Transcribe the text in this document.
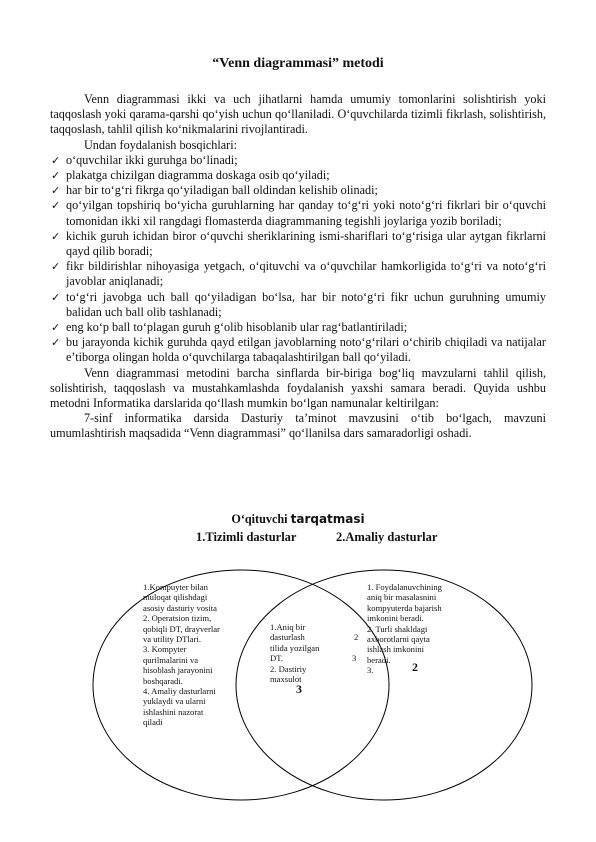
“Venn diagrammasi” metodi

Venn diagrammasi ikki va uch jihatlarni hamda umumiy tomonlarini solishtirish yoki taqqoslash yoki qarama-qarshi qo‘yish uchun qo‘llaniladi. O‘quvchilarda tizimli fikrlash, solishtirish, taqqoslash, tahlil qilish ko‘nikmalarini rivojlantiradi.

Undan foydalanish bosqichlari:

✓ o‘quvchilar ikki guruhga bo‘linadi;
✓ plakatga chizilgan diagramma doskaga osib qo‘yiladi;
✓ har bir to‘g‘ri fikrga qo‘yiladigan ball oldindan kelishib olinadi;
✓ qo‘yilgan topshiriq bo‘yicha guruhlarning har qanday to‘g‘ri yoki noto‘g‘ri fikrlari bir o‘quvchi tomonidan ikki xil rangdagi flomasterda diagrammaning tegishli joylariga yozib boriladi;
✓ kichik guruh ichidan biror o‘quvchi sheriklarining ismi-shariflari to‘g‘risiga ular aytgan fikrlarni qayd qilib boradi;
✓ fikr bildirishlar nihoyasiga yetgach, o‘qituvchi va o‘quvchilar hamkorligida to‘g‘ri va noto‘g‘ri javoblar aniqlanadi;
✓ to‘g‘ri javobga uch ball qo‘yiladigan bo‘lsa, har bir noto‘g‘ri fikr uchun guruhning umumiy balidan uch ball olib tashlanadi;
✓ eng ko‘p ball to‘plagan guruh g‘olib hisoblanib ular rag‘batlantiriladi;
✓ bu jarayonda kichik guruhda qayd etilgan javoblarning noto‘g‘rilari o‘chirib chiqiladi va natijalar e’tiborga olingan holda o‘quvchilarga tabaqalashtirilgan ball qo‘yiladi.

Venn diagrammasi metodini barcha sinflarda bir-biriga bog‘liq mavzularni tahlil qilish, solishtirish, taqqoslash va mustahkamlashda foydalanish yaxshi samara beradi. Quyida ushbu metodni Informatika darslarida qo‘llash mumkin bo‘lgan namunalar keltirilgan:

7-sinf informatika darsida Dasturiy ta’minot mavzusini o‘tib bo‘lgach, mavzuni umumlashtirish maqsadida “Venn diagrammasi” qo‘llanilsa dars samaradorligi oshadi.

O‘qituvchi tarqatmasi
1.Tizimli dasturlar	2.Amaliy dasturlar
1.Kompuyter bilan
muloqat qilishdagi
asosiy dasturiy vosita
2. Operatsion tizim,
qobiqli DT, drayverlar
va utility DTlari.
3. Kompyter
qurilmalarini va
hisoblash jarayonini
boshqaradi.
4. Amaliy dasturlarni
yuklaydi va ularni
ishlashini nazorat
qiladi
1.Aniq bir
dasturlash
tilida yozilgan
DT.
2. Dastiriy
maxsulot
3
2
3
1. Foydalanuvchining
aniq bir masalasnini
kompyuterda bajarish
imkonini beradi.
2. Turli shakldagi
axborotlarni qayta
ishlash imkonini
beradi.
3.	2
